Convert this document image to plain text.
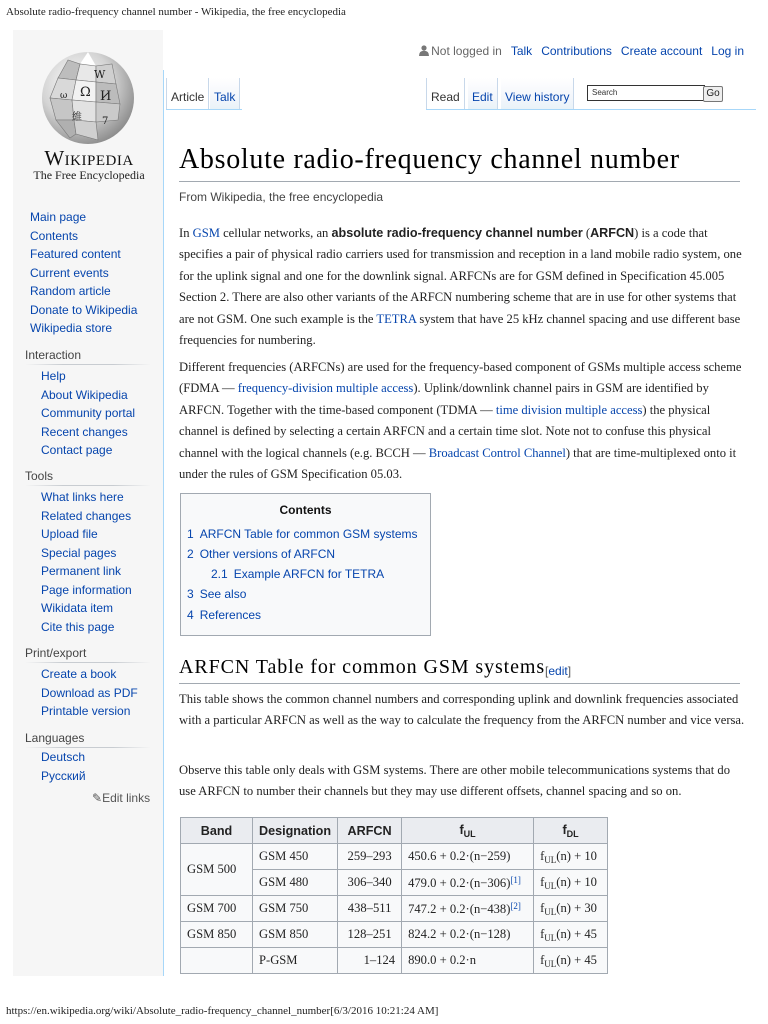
Absolute radio-frequency channel number - Wikipedia, the free encyclopedia
https://en.wikipedia.org/wiki/Absolute_radio-frequency_channel_number[6/3/2016 10:21:24 AM]
Ω
W
И
維 7
ω
Wikipedia
The Free Encyclopedia
Main page
Contents
Featured content
Current events
Random article
Donate to Wikipedia
Wikipedia store
Interaction
Help
About Wikipedia
Community portal
Recent changes
Contact page
Tools
What links here
Related changes
Upload file
Special pages
Permanent link
Page information
Wikidata item
Cite this page
Print/export
Create a book
Download as PDF
Printable version
Languages
Deutsch
Русский
✎Edit links
Not logged in Talk Contributions Create account Log in
Article Talk	Read Edit View history	Search	Go
Absolute radio-frequency channel number
From Wikipedia, the free encyclopedia

In GSM cellular networks, an absolute radio-frequency channel number (ARFCN) is a code that specifies a pair of physical radio carriers used for transmission and reception in a land mobile radio system, one for the uplink signal and one for the downlink signal. ARFCNs are for GSM defined in Specification 45.005 Section 2. There are also other variants of the ARFCN numbering scheme that are in use for other systems that are not GSM. One such example is the TETRA system that have 25 kHz channel spacing and use different base frequencies for numbering.

Different frequencies (ARFCNs) are used for the frequency-based component of GSMs multiple access scheme (FDMA — frequency-division multiple access). Uplink/downlink channel pairs in GSM are identified by ARFCN. Together with the time-based component (TDMA — time division multiple access) the physical channel is defined by selecting a certain ARFCN and a certain time slot. Note not to confuse this physical channel with the logical channels (e.g. BCCH — Broadcast Control Channel) that are time-multiplexed onto it under the rules of GSM Specification 05.03.

Contents
1 ARFCN Table for common GSM systems
2 Other versions of ARFCN
2.1 Example ARFCN for TETRA
3 See also
4 References
ARFCN Table for common GSM systems [edit]

This table shows the common channel numbers and corresponding uplink and downlink frequencies associated with a particular ARFCN as well as the way to calculate the frequency from the ARFCN number and vice versa.

Observe this table only deals with GSM systems. There are other mobile telecommunications systems that do use ARFCN to number their channels but they may use different offsets, channel spacing and so on.

Band	Designation	ARFCN	$f_{UL}$	$f_{DL}$
GSM 500	GSM 450	259–293	450.6 + 0.2·(n−259)	$f_{UL}(n) + 10$
	GSM 480	306–340	479.0 + 0.2·(n−306)[1]	$f_{UL}(n) + 10$
GSM 700	GSM 750	438–511	747.2 + 0.2·(n−438)[2]	$f_{UL}(n) + 30$
GSM 850	GSM 850	128–251	824.2 + 0.2·(n−128)	$f_{UL}(n) + 45$
	P-GSM	1–124	890.0 + 0.2·n	$f_{UL}(n) + 45$
